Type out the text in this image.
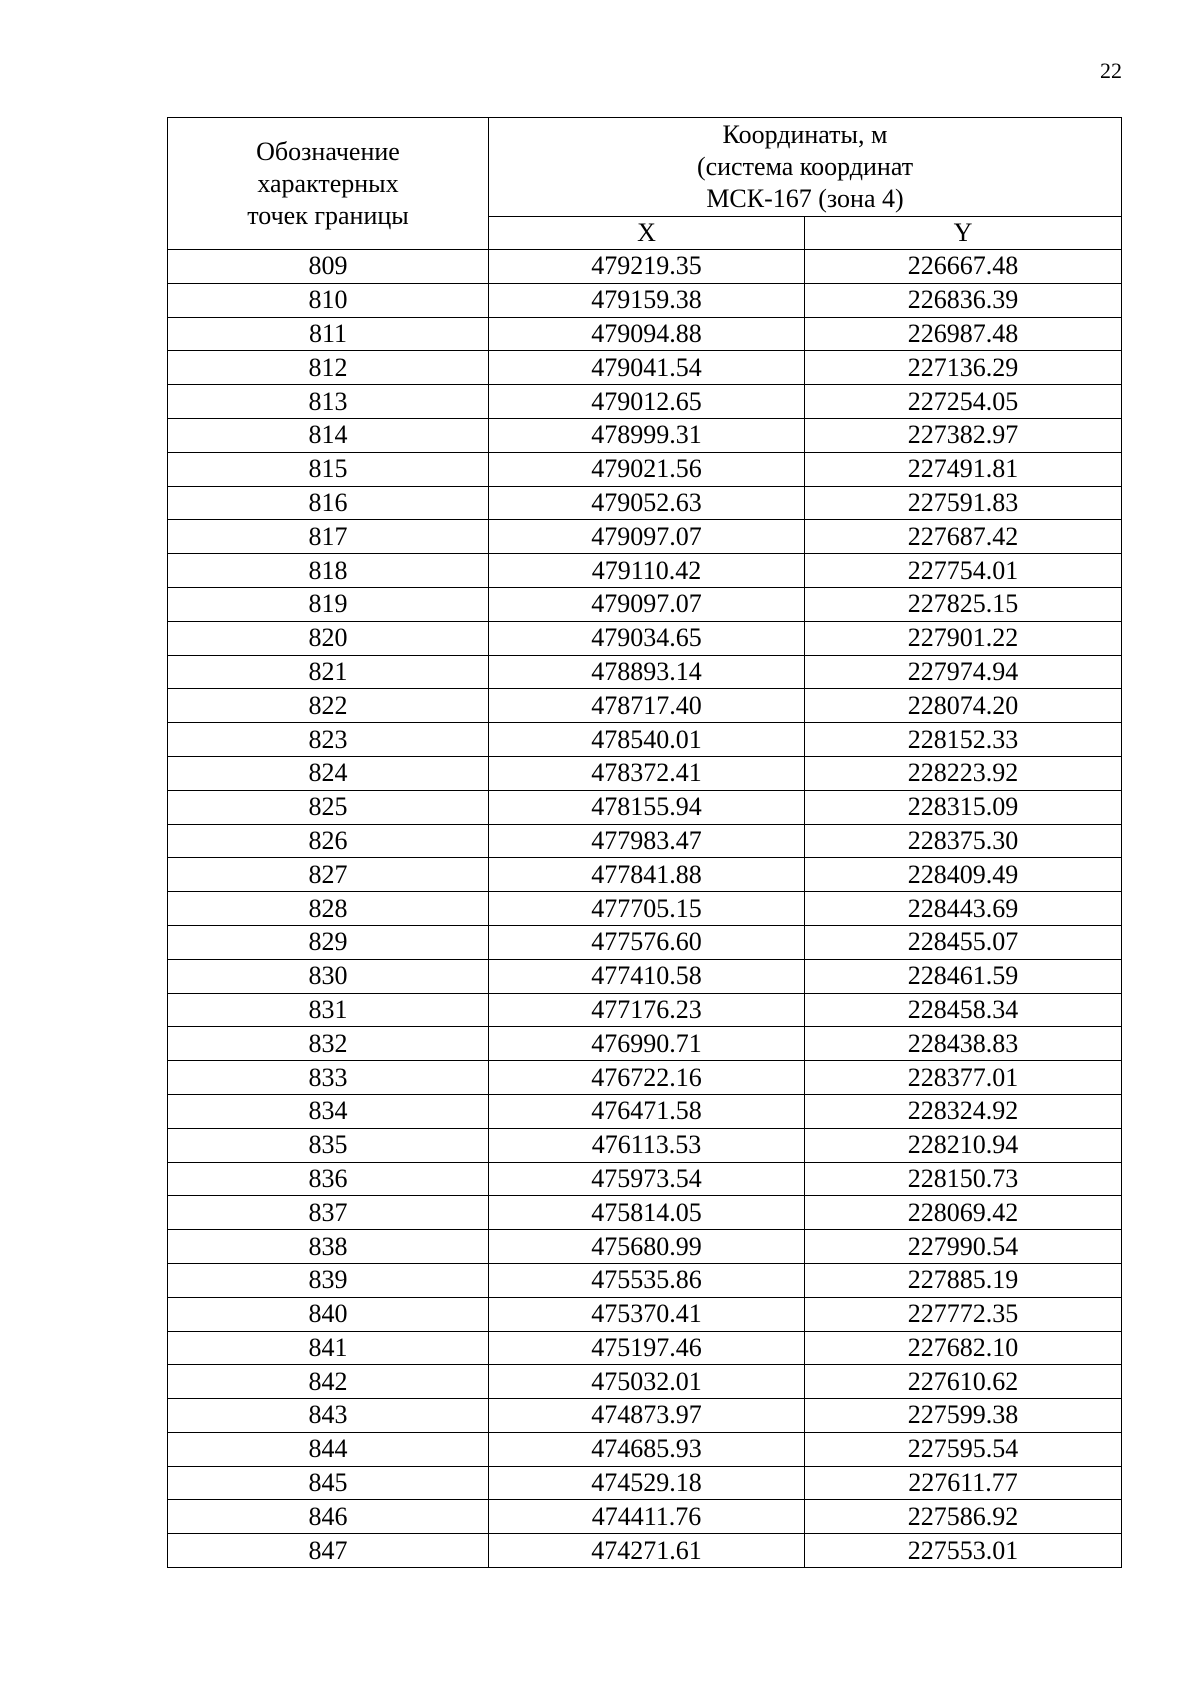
22
Обозначение
характерных
точек границы	Координаты, м
(система координат
МСК-167 (зона 4)	
	X	Y
809	479219.35	226667.48
810	479159.38	226836.39
811	479094.88	226987.48
812	479041.54	227136.29
813	479012.65	227254.05
814	478999.31	227382.97
815	479021.56	227491.81
816	479052.63	227591.83
817	479097.07	227687.42
818	479110.42	227754.01
819	479097.07	227825.15
820	479034.65	227901.22
821	478893.14	227974.94
822	478717.40	228074.20
823	478540.01	228152.33
824	478372.41	228223.92
825	478155.94	228315.09
826	477983.47	228375.30
827	477841.88	228409.49
828	477705.15	228443.69
829	477576.60	228455.07
830	477410.58	228461.59
831	477176.23	228458.34
832	476990.71	228438.83
833	476722.16	228377.01
834	476471.58	228324.92
835	476113.53	228210.94
836	475973.54	228150.73
837	475814.05	228069.42
838	475680.99	227990.54
839	475535.86	227885.19
840	475370.41	227772.35
841	475197.46	227682.10
842	475032.01	227610.62
843	474873.97	227599.38
844	474685.93	227595.54
845	474529.18	227611.77
846	474411.76	227586.92
847	474271.61	227553.01
